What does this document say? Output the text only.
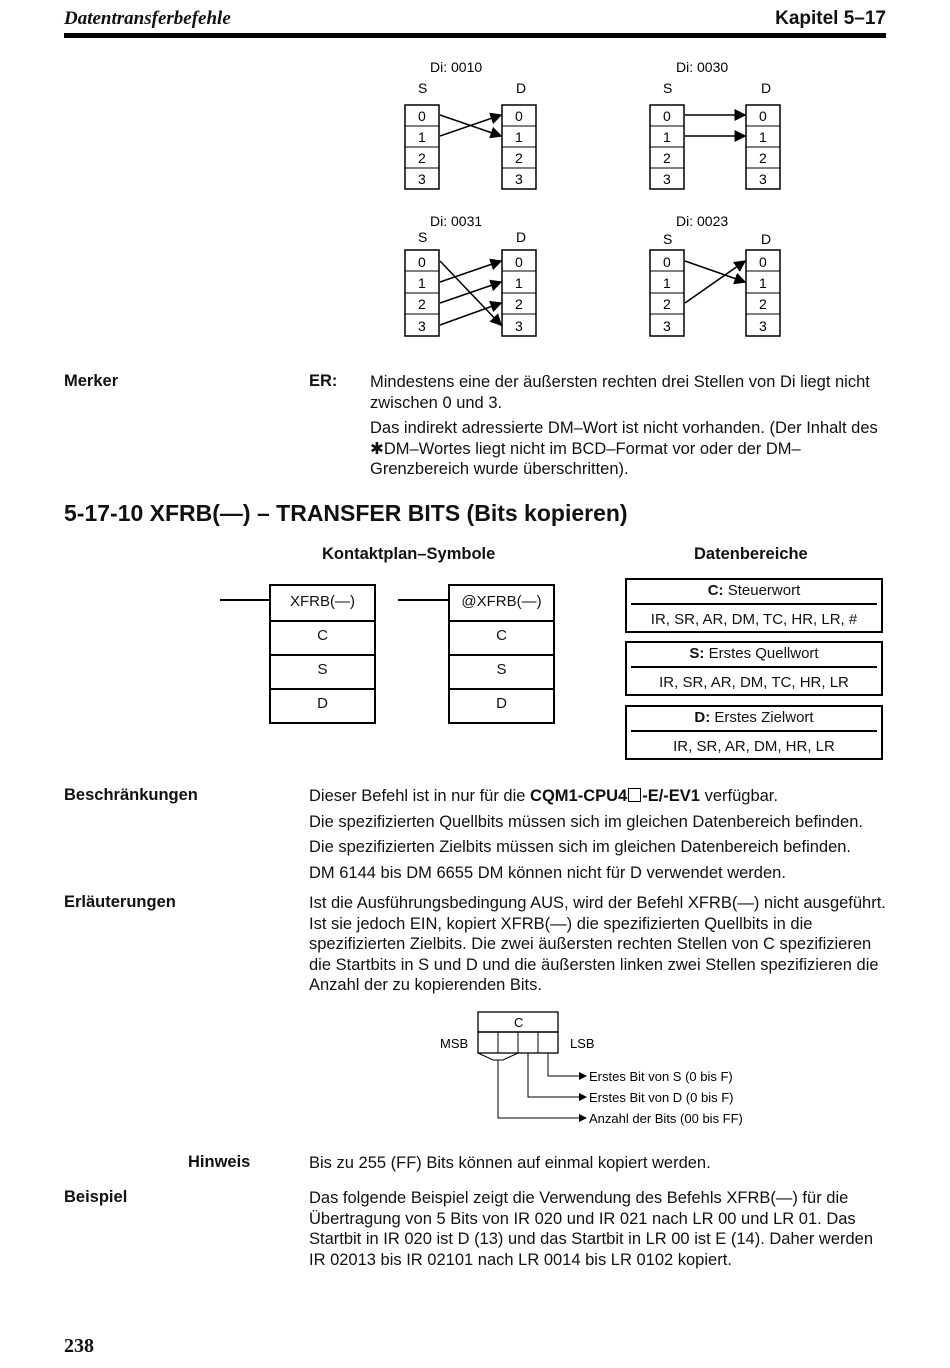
Datentransferbefehle	Kapitel 5–17
Di: 0010
S	D
0
1
2
3
0
1
2
3
Di: 0030
S	D
0
1
2
3
0
1
2
3
Di: 0031
S	D
0
1
2
3
0
1
2
3
Di: 0023
S	D
0
1
2
3
0
1
2
3
Merker	ER: Mindestens eine der äußersten rechten drei Stellen von Di liegt nicht zwischen 0 und 3.

Das indirekt adressierte DM–Wort ist nicht vorhanden. (Der Inhalt des ✱DM–Wortes liegt nicht im BCD–Format vor oder der DM–Grenzbereich wurde überschritten).

5-17-10 XFRB(—) – TRANSFER BITS (Bits kopieren)
Kontaktplan–Symbole	Datenbereiche
XFRB(—)
C
S
D
@XFRB(—)
C
S
D
C: Steuerwort
IR, SR, AR, DM, TC, HR, LR, #
S: Erstes Quellwort
IR, SR, AR, DM, TC, HR, LR
D: Erstes Zielwort
IR, SR, AR, DM, HR, LR
Beschränkungen	Dieser Befehl ist in nur für die CQM1-CPU4 -E/-EV1 verfügbar.

Die spezifizierten Quellbits müssen sich im gleichen Datenbereich befinden.

Die spezifizierten Zielbits müssen sich im gleichen Datenbereich befinden.

DM 6144 bis DM 6655 DM können nicht für D verwendet werden.

Erläuterungen	Ist die Ausführungsbedingung AUS, wird der Befehl XFRB(—) nicht ausgeführt. Ist sie jedoch EIN, kopiert XFRB(—) die spezifizierten Quellbits in die spezifizierten Zielbits. Die zwei äußersten rechten Stellen von C spezifizieren die Startbits in S und D und die äußersten linken zwei Stellen spezifizieren die Anzahl der zu kopierenden Bits.
C
MSB	LSB
Erstes Bit von S (0 bis F)
Erstes Bit von D (0 bis F)
Anzahl der Bits (00 bis FF)
Hinweis	Bis zu 255 (FF) Bits können auf einmal kopiert werden.
Beispiel	Das folgende Beispiel zeigt die Verwendung des Befehls XFRB(—) für die Übertragung von 5 Bits von IR 020 und IR 021 nach LR 00 und LR 01. Das Startbit in IR 020 ist D (13) und das Startbit in LR 00 ist E (14). Daher werden IR 02013 bis IR 02101 nach LR 0014 bis LR 0102 kopiert.
238
